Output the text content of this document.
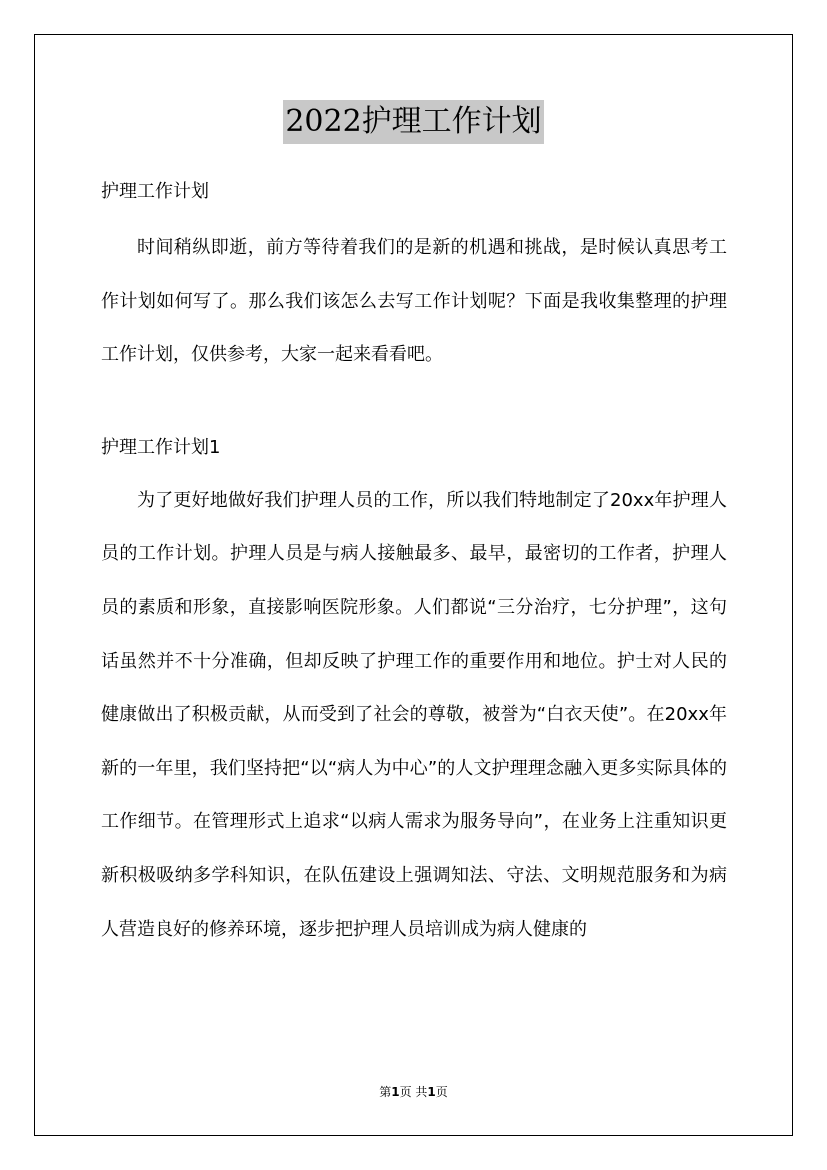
2022护理工作计划
护理工作计划

时间稍纵即逝，前方等待着我们的是新的机遇和挑战，是时候认真思考工作计划如何写了。那么我们该怎么去写工作计划呢？下面是我收集整理的护理工作计划，仅供参考，大家一起来看看吧。

护理工作计划1

为了更好地做好我们护理人员的工作，所以我们特地制定了20xx年护理人员的工作计划。护理人员是与病人接触最多、最早，最密切的工作者，护理人员的素质和形象，直接影响医院形象。人们都说“三分治疗，七分护理”，这句话虽然并不十分准确，但却反映了护理工作的重要作用和地位。护士对人民的健康做出了积极贡献，从而受到了社会的尊敬，被誉为“白衣天使”。在20xx年新的一年里，我们坚持把“以“病人为中心”的人文护理理念融入更多实际具体的工作细节。在管理形式上追求“以病人需求为服务导向”，在业务上注重知识更新积极吸纳多学科知识，在队伍建设上强调知法、守法、文明规范服务和为病人营造良好的修养环境，逐步把护理人员培训成为病人健康的

第1页 共1页
